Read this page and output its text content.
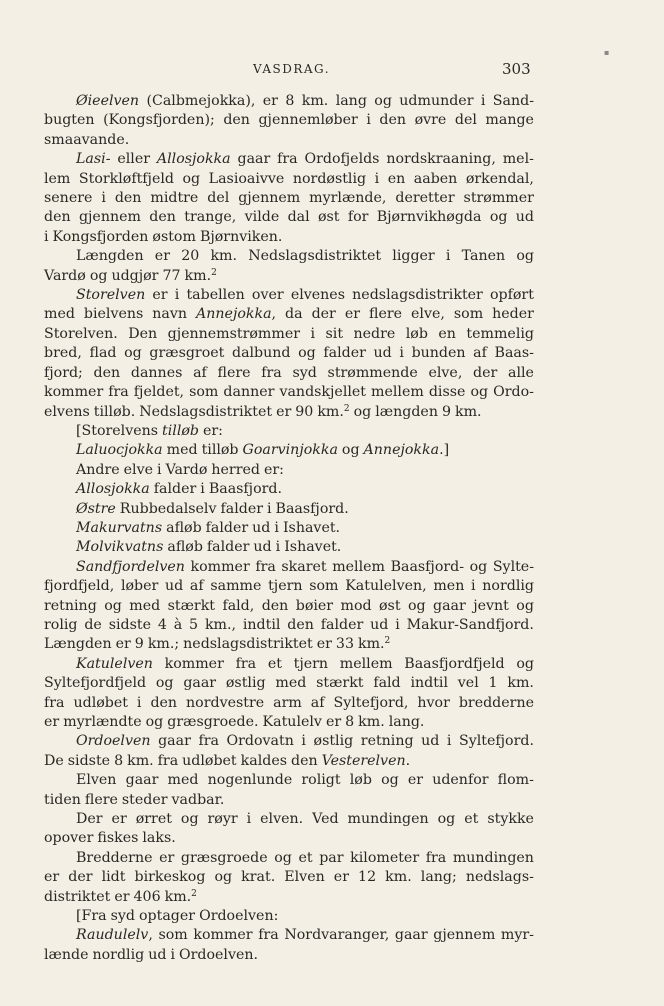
VASDRAG.	303
▪
Øieelven (Calbmejokka), er 8 km. lang og udmunder i Sand-
bugten (Kongsfjorden); den gjennemløber i den øvre del mange
smaavande.
Lasi- eller Allosjokka gaar fra Ordofjelds nordskraaning, mel-
lem Storkløftfjeld og Lasioaivve nordøstlig i en aaben ørkendal,
senere i den midtre del gjennem myrlænde, deretter strømmer
den gjennem den trange, vilde dal øst for Bjørnvikhøgda og ud
i Kongsfjorden østom Bjørnviken.
Længden er 20 km. Nedslagsdistriktet ligger i Tanen og
Vardø og udgjør 77 km.$^2$
Storelven er i tabellen over elvenes nedslagsdistrikter opført
med bielvens navn Annejokka, da der er flere elve, som heder
Storelven. Den gjennemstrømmer i sit nedre løb en temmelig
bred, flad og græsgroet dalbund og falder ud i bunden af Baas-
fjord; den dannes af flere fra syd strømmende elve, der alle
kommer fra fjeldet, som danner vandskjellet mellem disse og Ordo-
elvens tilløb. Nedslagsdistriktet er 90 km.$^2$ og længden 9 km.
[Storelvens tilløb er:
Laluocjokka med tilløb Goarvinjokka og Annejokka.]
Andre elve i Vardø herred er:
Allosjokka falder i Baasfjord.
Østre Rubbedalselv falder i Baasfjord.
Makurvatns afløb falder ud i Ishavet.
Molvikvatns afløb falder ud i Ishavet.
Sandfjordelven kommer fra skaret mellem Baasfjord- og Sylte-
fjordfjeld, løber ud af samme tjern som Katulelven, men i nordlig
retning og med stærkt fald, den bøier mod øst og gaar jevnt og
rolig de sidste 4 à 5 km., indtil den falder ud i Makur-Sandfjord.
Længden er 9 km.; nedslagsdistriktet er 33 km.$^2$
Katulelven kommer fra et tjern mellem Baasfjordfjeld og
Syltefjordfjeld og gaar østlig med stærkt fald indtil vel 1 km.
fra udløbet i den nordvestre arm af Syltefjord, hvor bredderne
er myrlændte og græsgroede. Katulelv er 8 km. lang.
Ordoelven gaar fra Ordovatn i østlig retning ud i Syltefjord.
De sidste 8 km. fra udløbet kaldes den Vesterelven.
Elven gaar med nogenlunde roligt løb og er udenfor flom-
tiden flere steder vadbar.
Der er ørret og røyr i elven. Ved mundingen og et stykke
opover fiskes laks.
Bredderne er græsgroede og et par kilometer fra mundingen
er der lidt birkeskog og krat. Elven er 12 km. lang; nedslags-
distriktet er 406 km.$^2$
[Fra syd optager Ordoelven:
Raudulelv, som kommer fra Nordvaranger, gaar gjennem myr-
lænde nordlig ud i Ordoelven.
